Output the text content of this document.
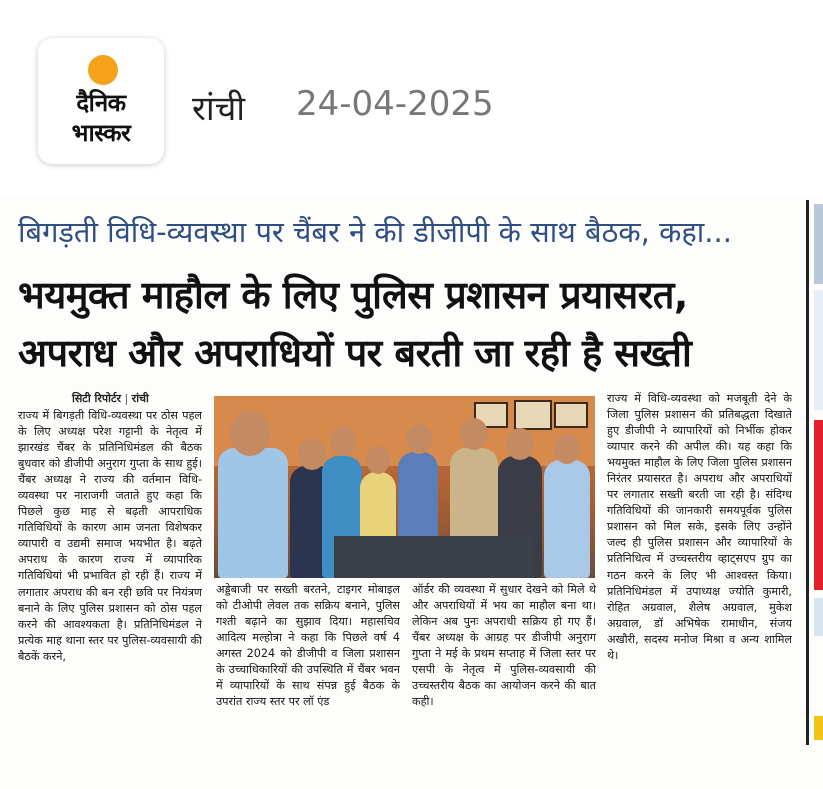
दैनिक
भास्कर
रांची 24-04-2025
बिगड़ती विधि-व्यवस्था पर चैंबर ने की डीजीपी के साथ बैठक, कहा...
भयमुक्त माहौल के लिए पुलिस प्रशासन प्रयासरत,
अपराध और अपराधियों पर बरती जा रही है सख्ती
सिटी रिपोर्टर | रांची

राज्य में बिगड़ती विधि-व्यवस्था पर ठोस पहल के लिए अध्यक्ष परेश गट्टानी के नेतृत्व में झारखंड चैंबर के प्रतिनिधिमंडल की बैठक बुधवार को डीजीपी अनुराग गुप्ता के साथ हुई। चैंबर अध्यक्ष ने राज्य की वर्तमान विधि-व्यवस्था पर नाराजगी जताते हुए कहा कि पिछले कुछ माह से बढ़ती आपराधिक गतिविधियों के कारण आम जनता विशेषकर व्यापारी व उद्यमी समाज भयभीत है। बढ़ते अपराध के कारण राज्य में व्यापारिक गतिविधियां भी प्रभावित हो रही हैं। राज्य में लगातार अपराध की बन रही छवि पर नियंत्रण बनाने के लिए पुलिस प्रशासन को ठोस पहल करने की आवश्यकता है। प्रतिनिधिमंडल ने प्रत्येक माह थाना स्तर पर पुलिस-व्यवसायी की बैठकें करने,

अड्डेबाजी पर सख्ती बरतने, टाइगर मोबाइल को टीओपी लेवल तक सक्रिय बनाने, पुलिस गश्ती बढ़ाने का सुझाव दिया। महासचिव आदित्य मल्होत्रा ने कहा कि पिछले वर्ष 4 अगस्त 2024 को डीजीपी व जिला प्रशासन के उच्चाधिकारियों की उपस्थिति में चैंबर भवन में व्यापारियों के साथ संपन्न हुई बैठक के उपरांत राज्य स्तर पर लॉ एंड

ऑर्डर की व्यवस्था में सुधार देखने को मिले थे और अपराधियों में भय का माहौल बना था। लेकिन अब पुनः अपराधी सक्रिय हो गए हैं। चैंबर अध्यक्ष के आग्रह पर डीजीपी अनुराग गुप्ता ने मई के प्रथम सप्ताह में जिला स्तर पर एसपी के नेतृत्व में पुलिस-व्यवसायी की उच्चस्तरीय बैठक का आयोजन करने की बात कही।

राज्य में विधि-व्यवस्था को मजबूती देने के जिला पुलिस प्रशासन की प्रतिबद्धता दिखाते हुए डीजीपी ने व्यापारियों को निर्भीक होकर व्यापार करने की अपील की। यह कहा कि भयमुक्त माहौल के लिए जिला पुलिस प्रशासन निरंतर प्रयासरत है। अपराध और अपराधियों पर लगातार सख्ती बरती जा रही है। संदिग्ध गतिविधियों की जानकारी समयपूर्वक पुलिस प्रशासन को मिल सके, इसके लिए उन्होंने जल्द ही पुलिस प्रशासन और व्यापारियों के प्रतिनिधित्व में उच्चस्तरीय व्हाट्सएप ग्रुप का गठन करने के लिए भी आश्वस्त किया। प्रतिनिधिमंडल में उपाध्यक्ष ज्योति कुमारी, रोहित अग्रवाल, शैलेष अग्रवाल, मुकेश अग्रवाल, डॉ अभिषेक रामाधीन, संजय अखौरी, सदस्य मनोज मिश्रा व अन्य शामिल थे।
